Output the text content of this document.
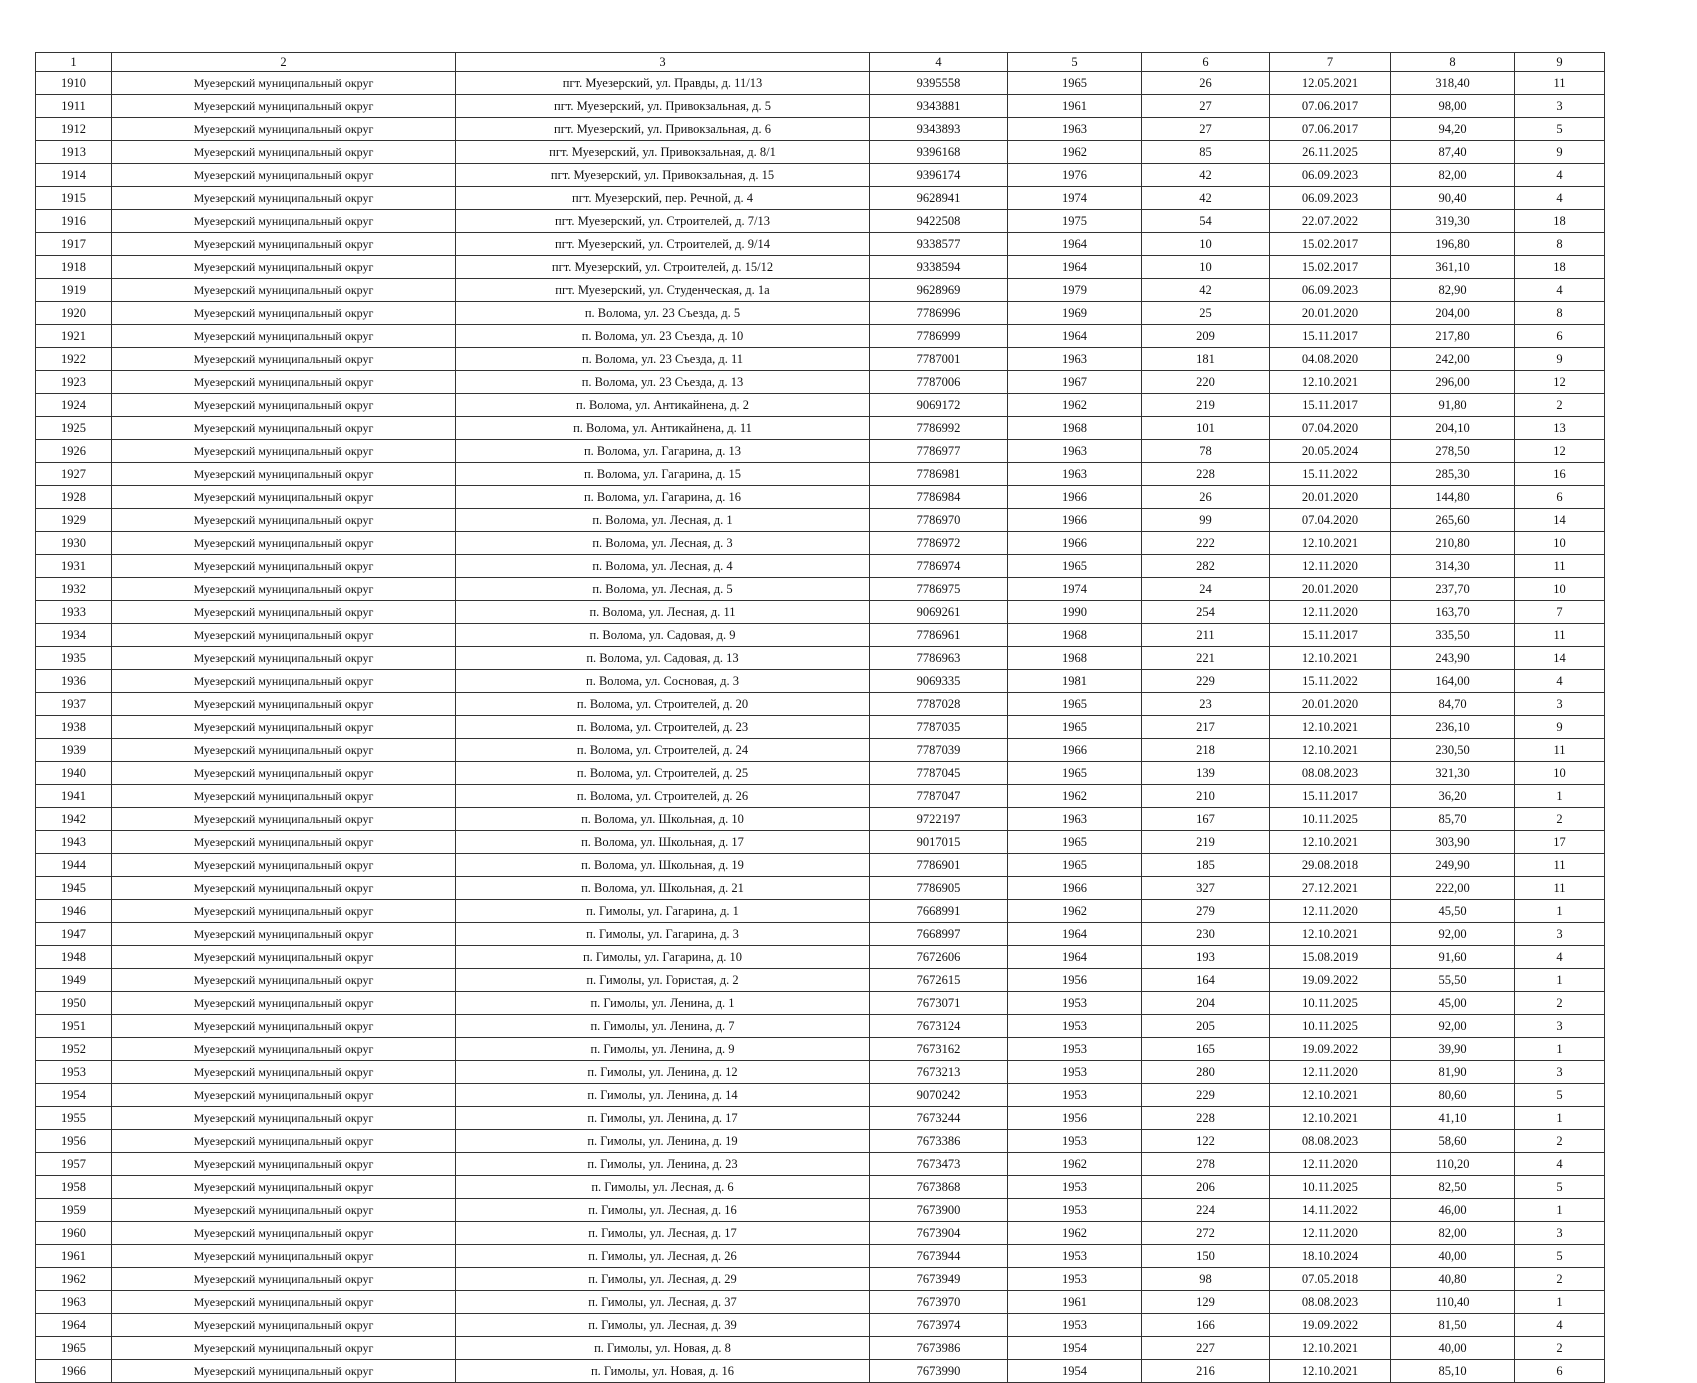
1	2	3	4	5	6	7	8	9
1910	Муезерский муниципальный округ	пгт. Муезерский, ул. Правды, д. 11/13	9395558	1965	26	12.05.2021	318,40	11
1911	Муезерский муниципальный округ	пгт. Муезерский, ул. Привокзальная, д. 5	9343881	1961	27	07.06.2017	98,00	3
1912	Муезерский муниципальный округ	пгт. Муезерский, ул. Привокзальная, д. 6	9343893	1963	27	07.06.2017	94,20	5
1913	Муезерский муниципальный округ	пгт. Муезерский, ул. Привокзальная, д. 8/1	9396168	1962	85	26.11.2025	87,40	9
1914	Муезерский муниципальный округ	пгт. Муезерский, ул. Привокзальная, д. 15	9396174	1976	42	06.09.2023	82,00	4
1915	Муезерский муниципальный округ	пгт. Муезерский, пер. Речной, д. 4	9628941	1974	42	06.09.2023	90,40	4
1916	Муезерский муниципальный округ	пгт. Муезерский, ул. Строителей, д. 7/13	9422508	1975	54	22.07.2022	319,30	18
1917	Муезерский муниципальный округ	пгт. Муезерский, ул. Строителей, д. 9/14	9338577	1964	10	15.02.2017	196,80	8
1918	Муезерский муниципальный округ	пгт. Муезерский, ул. Строителей, д. 15/12	9338594	1964	10	15.02.2017	361,10	18
1919	Муезерский муниципальный округ	пгт. Муезерский, ул. Студенческая, д. 1а	9628969	1979	42	06.09.2023	82,90	4
1920	Муезерский муниципальный округ	п. Волома, ул. 23 Съезда, д. 5	7786996	1969	25	20.01.2020	204,00	8
1921	Муезерский муниципальный округ	п. Волома, ул. 23 Съезда, д. 10	7786999	1964	209	15.11.2017	217,80	6
1922	Муезерский муниципальный округ	п. Волома, ул. 23 Съезда, д. 11	7787001	1963	181	04.08.2020	242,00	9
1923	Муезерский муниципальный округ	п. Волома, ул. 23 Съезда, д. 13	7787006	1967	220	12.10.2021	296,00	12
1924	Муезерский муниципальный округ	п. Волома, ул. Антикайнена, д. 2	9069172	1962	219	15.11.2017	91,80	2
1925	Муезерский муниципальный округ	п. Волома, ул. Антикайнена, д. 11	7786992	1968	101	07.04.2020	204,10	13
1926	Муезерский муниципальный округ	п. Волома, ул. Гагарина, д. 13	7786977	1963	78	20.05.2024	278,50	12
1927	Муезерский муниципальный округ	п. Волома, ул. Гагарина, д. 15	7786981	1963	228	15.11.2022	285,30	16
1928	Муезерский муниципальный округ	п. Волома, ул. Гагарина, д. 16	7786984	1966	26	20.01.2020	144,80	6
1929	Муезерский муниципальный округ	п. Волома, ул. Лесная, д. 1	7786970	1966	99	07.04.2020	265,60	14
1930	Муезерский муниципальный округ	п. Волома, ул. Лесная, д. 3	7786972	1966	222	12.10.2021	210,80	10
1931	Муезерский муниципальный округ	п. Волома, ул. Лесная, д. 4	7786974	1965	282	12.11.2020	314,30	11
1932	Муезерский муниципальный округ	п. Волома, ул. Лесная, д. 5	7786975	1974	24	20.01.2020	237,70	10
1933	Муезерский муниципальный округ	п. Волома, ул. Лесная, д. 11	9069261	1990	254	12.11.2020	163,70	7
1934	Муезерский муниципальный округ	п. Волома, ул. Садовая, д. 9	7786961	1968	211	15.11.2017	335,50	11
1935	Муезерский муниципальный округ	п. Волома, ул. Садовая, д. 13	7786963	1968	221	12.10.2021	243,90	14
1936	Муезерский муниципальный округ	п. Волома, ул. Сосновая, д. 3	9069335	1981	229	15.11.2022	164,00	4
1937	Муезерский муниципальный округ	п. Волома, ул. Строителей, д. 20	7787028	1965	23	20.01.2020	84,70	3
1938	Муезерский муниципальный округ	п. Волома, ул. Строителей, д. 23	7787035	1965	217	12.10.2021	236,10	9
1939	Муезерский муниципальный округ	п. Волома, ул. Строителей, д. 24	7787039	1966	218	12.10.2021	230,50	11
1940	Муезерский муниципальный округ	п. Волома, ул. Строителей, д. 25	7787045	1965	139	08.08.2023	321,30	10
1941	Муезерский муниципальный округ	п. Волома, ул. Строителей, д. 26	7787047	1962	210	15.11.2017	36,20	1
1942	Муезерский муниципальный округ	п. Волома, ул. Школьная, д. 10	9722197	1963	167	10.11.2025	85,70	2
1943	Муезерский муниципальный округ	п. Волома, ул. Школьная, д. 17	9017015	1965	219	12.10.2021	303,90	17
1944	Муезерский муниципальный округ	п. Волома, ул. Школьная, д. 19	7786901	1965	185	29.08.2018	249,90	11
1945	Муезерский муниципальный округ	п. Волома, ул. Школьная, д. 21	7786905	1966	327	27.12.2021	222,00	11
1946	Муезерский муниципальный округ	п. Гимолы, ул. Гагарина, д. 1	7668991	1962	279	12.11.2020	45,50	1
1947	Муезерский муниципальный округ	п. Гимолы, ул. Гагарина, д. 3	7668997	1964	230	12.10.2021	92,00	3
1948	Муезерский муниципальный округ	п. Гимолы, ул. Гагарина, д. 10	7672606	1964	193	15.08.2019	91,60	4
1949	Муезерский муниципальный округ	п. Гимолы, ул. Гористая, д. 2	7672615	1956	164	19.09.2022	55,50	1
1950	Муезерский муниципальный округ	п. Гимолы, ул. Ленина, д. 1	7673071	1953	204	10.11.2025	45,00	2
1951	Муезерский муниципальный округ	п. Гимолы, ул. Ленина, д. 7	7673124	1953	205	10.11.2025	92,00	3
1952	Муезерский муниципальный округ	п. Гимолы, ул. Ленина, д. 9	7673162	1953	165	19.09.2022	39,90	1
1953	Муезерский муниципальный округ	п. Гимолы, ул. Ленина, д. 12	7673213	1953	280	12.11.2020	81,90	3
1954	Муезерский муниципальный округ	п. Гимолы, ул. Ленина, д. 14	9070242	1953	229	12.10.2021	80,60	5
1955	Муезерский муниципальный округ	п. Гимолы, ул. Ленина, д. 17	7673244	1956	228	12.10.2021	41,10	1
1956	Муезерский муниципальный округ	п. Гимолы, ул. Ленина, д. 19	7673386	1953	122	08.08.2023	58,60	2
1957	Муезерский муниципальный округ	п. Гимолы, ул. Ленина, д. 23	7673473	1962	278	12.11.2020	110,20	4
1958	Муезерский муниципальный округ	п. Гимолы, ул. Лесная, д. 6	7673868	1953	206	10.11.2025	82,50	5
1959	Муезерский муниципальный округ	п. Гимолы, ул. Лесная, д. 16	7673900	1953	224	14.11.2022	46,00	1
1960	Муезерский муниципальный округ	п. Гимолы, ул. Лесная, д. 17	7673904	1962	272	12.11.2020	82,00	3
1961	Муезерский муниципальный округ	п. Гимолы, ул. Лесная, д. 26	7673944	1953	150	18.10.2024	40,00	5
1962	Муезерский муниципальный округ	п. Гимолы, ул. Лесная, д. 29	7673949	1953	98	07.05.2018	40,80	2
1963	Муезерский муниципальный округ	п. Гимолы, ул. Лесная, д. 37	7673970	1961	129	08.08.2023	110,40	1
1964	Муезерский муниципальный округ	п. Гимолы, ул. Лесная, д. 39	7673974	1953	166	19.09.2022	81,50	4
1965	Муезерский муниципальный округ	п. Гимолы, ул. Новая, д. 8	7673986	1954	227	12.10.2021	40,00	2
1966	Муезерский муниципальный округ	п. Гимолы, ул. Новая, д. 16	7673990	1954	216	12.10.2021	85,10	6
